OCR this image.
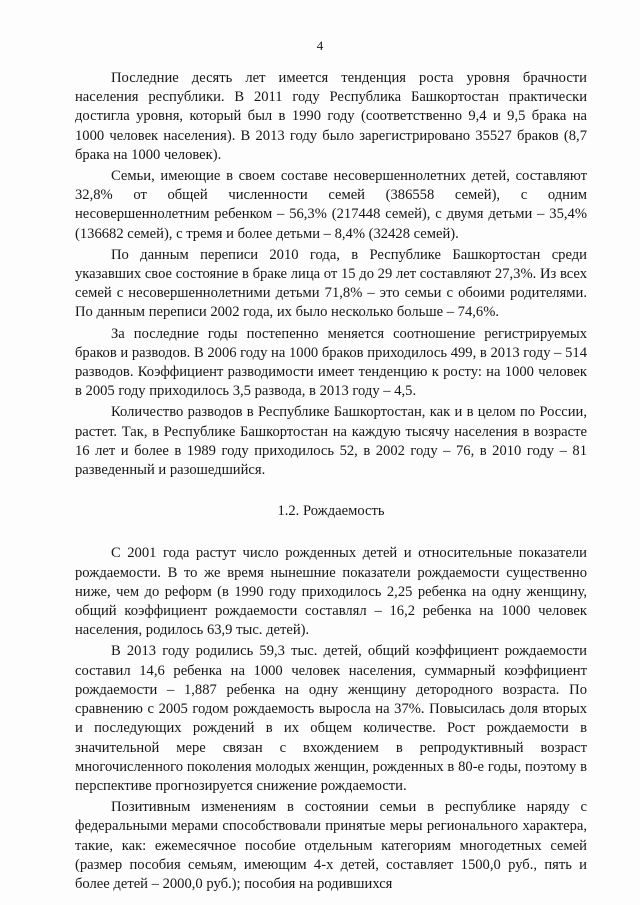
4

Последние десять лет имеется тенденция роста уровня брачности населения республики. В 2011 году Республика Башкортостан практически достигла уровня, который был в 1990 году (соответственно 9,4 и 9,5 брака на 1000 человек населения). В 2013 году было зарегистрировано 35527 браков (8,7 брака на 1000 человек).

Семьи, имеющие в своем составе несовершеннолетних детей, составляют 32,8% от общей численности семей (386558 семей), с одним несовершеннолетним ребенком – 56,3% (217448 семей), с двумя детьми – 35,4% (136682 семей), с тремя и более детьми – 8,4% (32428 семей).

По данным переписи 2010 года, в Республике Башкортостан среди указавших свое состояние в браке лица от 15 до 29 лет составляют 27,3%. Из всех семей с несовершеннолетними детьми 71,8% – это семьи с обоими родителями. По данным переписи 2002 года, их было несколько больше – 74,6%.

За последние годы постепенно меняется соотношение регистрируемых браков и разводов. В 2006 году на 1000 браков приходилось 499, в 2013 году – 514 разводов. Коэффициент разводимости имеет тенденцию к росту: на 1000 человек в 2005 году приходилось 3,5 развода, в 2013 году – 4,5.

Количество разводов в Республике Башкортостан, как и в целом по России, растет. Так, в Республике Башкортостан на каждую тысячу населения в возрасте 16 лет и более в 1989 году приходилось 52, в 2002 году – 76, в 2010 году – 81 разведенный и разошедшийся.

1.2. Рождаемость

С 2001 года растут число рожденных детей и относительные показатели рождаемости. В то же время нынешние показатели рождаемости существенно ниже, чем до реформ (в 1990 году приходилось 2,25 ребенка на одну женщину, общий коэффициент рождаемости составлял – 16,2 ребенка на 1000 человек населения, родилось 63,9 тыс. детей).

В 2013 году родились 59,3 тыс. детей, общий коэффициент рождаемости составил 14,6 ребенка на 1000 человек населения, суммарный коэффициент рождаемости – 1,887 ребенка на одну женщину детородного возраста. По сравнению с 2005 годом рождаемость выросла на 37%. Повысилась доля вторых и последующих рождений в их общем количестве. Рост рождаемости в значительной мере связан с вхождением в репродуктивный возраст многочисленного поколения молодых женщин, рожденных в 80-е годы, поэтому в перспективе прогнозируется снижение рождаемости.

Позитивным изменениям в состоянии семьи в республике наряду с федеральными мерами способствовали принятые меры регионального характера, такие, как: ежемесячное пособие отдельным категориям многодетных семей (размер пособия семьям, имеющим 4-х детей, составляет 1500,0 руб., пять и более детей – 2000,0 руб.); пособия на родившихся
